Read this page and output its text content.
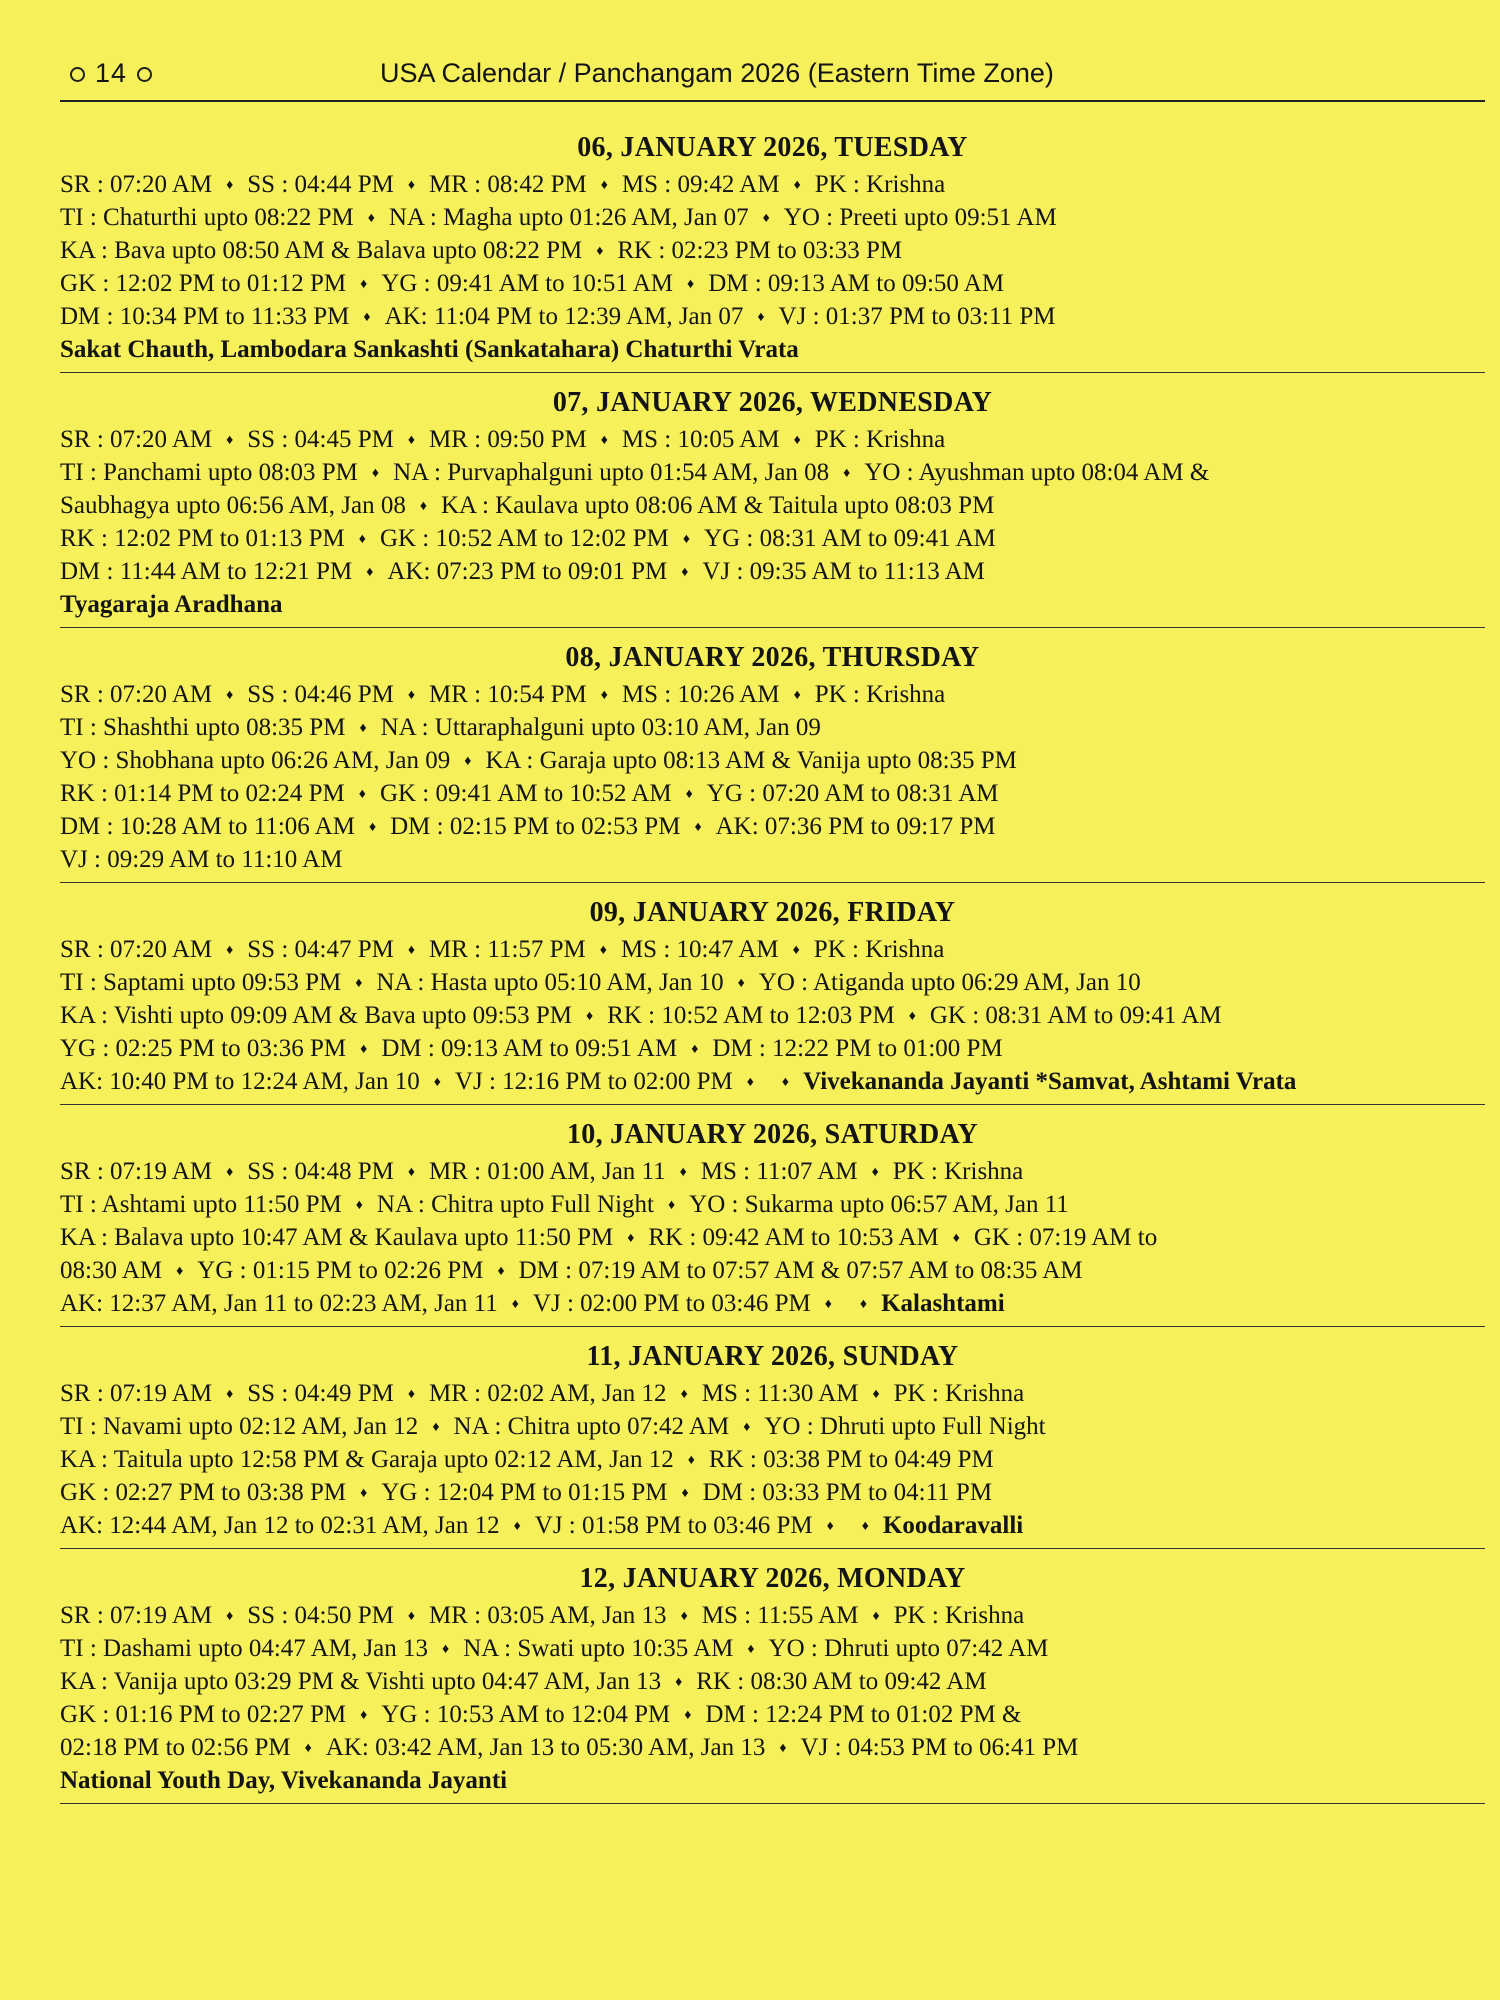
14	USA Calendar / Panchangam 2026 (Eastern Time Zone)
06, JANUARY 2026, TUESDAY
SR : 07:20 AM ♦ SS : 04:44 PM ♦ MR : 08:42 PM ♦ MS : 09:42 AM ♦ PK : Krishna
TI : Chaturthi upto 08:22 PM ♦ NA : Magha upto 01:26 AM, Jan 07 ♦ YO : Preeti upto 09:51 AM
KA : Bava upto 08:50 AM & Balava upto 08:22 PM ♦ RK : 02:23 PM to 03:33 PM
GK : 12:02 PM to 01:12 PM ♦ YG : 09:41 AM to 10:51 AM ♦ DM : 09:13 AM to 09:50 AM
DM : 10:34 PM to 11:33 PM ♦ AK: 11:04 PM to 12:39 AM, Jan 07 ♦ VJ : 01:37 PM to 03:11 PM
Sakat Chauth, Lambodara Sankashti (Sankatahara) Chaturthi Vrata
07, JANUARY 2026, WEDNESDAY
SR : 07:20 AM ♦ SS : 04:45 PM ♦ MR : 09:50 PM ♦ MS : 10:05 AM ♦ PK : Krishna
TI : Panchami upto 08:03 PM ♦ NA : Purvaphalguni upto 01:54 AM, Jan 08 ♦ YO : Ayushman upto 08:04 AM &
Saubhagya upto 06:56 AM, Jan 08 ♦ KA : Kaulava upto 08:06 AM & Taitula upto 08:03 PM
RK : 12:02 PM to 01:13 PM ♦ GK : 10:52 AM to 12:02 PM ♦ YG : 08:31 AM to 09:41 AM
DM : 11:44 AM to 12:21 PM ♦ AK: 07:23 PM to 09:01 PM ♦ VJ : 09:35 AM to 11:13 AM
Tyagaraja Aradhana
08, JANUARY 2026, THURSDAY
SR : 07:20 AM ♦ SS : 04:46 PM ♦ MR : 10:54 PM ♦ MS : 10:26 AM ♦ PK : Krishna
TI : Shashthi upto 08:35 PM ♦ NA : Uttaraphalguni upto 03:10 AM, Jan 09
YO : Shobhana upto 06:26 AM, Jan 09 ♦ KA : Garaja upto 08:13 AM & Vanija upto 08:35 PM
RK : 01:14 PM to 02:24 PM ♦ GK : 09:41 AM to 10:52 AM ♦ YG : 07:20 AM to 08:31 AM
DM : 10:28 AM to 11:06 AM ♦ DM : 02:15 PM to 02:53 PM ♦ AK: 07:36 PM to 09:17 PM
VJ : 09:29 AM to 11:10 AM
09, JANUARY 2026, FRIDAY
SR : 07:20 AM ♦ SS : 04:47 PM ♦ MR : 11:57 PM ♦ MS : 10:47 AM ♦ PK : Krishna
TI : Saptami upto 09:53 PM ♦ NA : Hasta upto 05:10 AM, Jan 10 ♦ YO : Atiganda upto 06:29 AM, Jan 10
KA : Vishti upto 09:09 AM & Bava upto 09:53 PM ♦ RK : 10:52 AM to 12:03 PM ♦ GK : 08:31 AM to 09:41 AM
YG : 02:25 PM to 03:36 PM ♦ DM : 09:13 AM to 09:51 AM ♦ DM : 12:22 PM to 01:00 PM
AK: 10:40 PM to 12:24 AM, Jan 10 ♦ VJ : 12:16 PM to 02:00 PM ♦ ♦ Vivekananda Jayanti *Samvat, Ashtami Vrata
10, JANUARY 2026, SATURDAY
SR : 07:19 AM ♦ SS : 04:48 PM ♦ MR : 01:00 AM, Jan 11 ♦ MS : 11:07 AM ♦ PK : Krishna
TI : Ashtami upto 11:50 PM ♦ NA : Chitra upto Full Night ♦ YO : Sukarma upto 06:57 AM, Jan 11
KA : Balava upto 10:47 AM & Kaulava upto 11:50 PM ♦ RK : 09:42 AM to 10:53 AM ♦ GK : 07:19 AM to
08:30 AM ♦ YG : 01:15 PM to 02:26 PM ♦ DM : 07:19 AM to 07:57 AM & 07:57 AM to 08:35 AM
AK: 12:37 AM, Jan 11 to 02:23 AM, Jan 11 ♦ VJ : 02:00 PM to 03:46 PM ♦ ♦ Kalashtami
11, JANUARY 2026, SUNDAY
SR : 07:19 AM ♦ SS : 04:49 PM ♦ MR : 02:02 AM, Jan 12 ♦ MS : 11:30 AM ♦ PK : Krishna
TI : Navami upto 02:12 AM, Jan 12 ♦ NA : Chitra upto 07:42 AM ♦ YO : Dhruti upto Full Night
KA : Taitula upto 12:58 PM & Garaja upto 02:12 AM, Jan 12 ♦ RK : 03:38 PM to 04:49 PM
GK : 02:27 PM to 03:38 PM ♦ YG : 12:04 PM to 01:15 PM ♦ DM : 03:33 PM to 04:11 PM
AK: 12:44 AM, Jan 12 to 02:31 AM, Jan 12 ♦ VJ : 01:58 PM to 03:46 PM ♦ ♦ Koodaravalli
12, JANUARY 2026, MONDAY
SR : 07:19 AM ♦ SS : 04:50 PM ♦ MR : 03:05 AM, Jan 13 ♦ MS : 11:55 AM ♦ PK : Krishna
TI : Dashami upto 04:47 AM, Jan 13 ♦ NA : Swati upto 10:35 AM ♦ YO : Dhruti upto 07:42 AM
KA : Vanija upto 03:29 PM & Vishti upto 04:47 AM, Jan 13 ♦ RK : 08:30 AM to 09:42 AM
GK : 01:16 PM to 02:27 PM ♦ YG : 10:53 AM to 12:04 PM ♦ DM : 12:24 PM to 01:02 PM &
02:18 PM to 02:56 PM ♦ AK: 03:42 AM, Jan 13 to 05:30 AM, Jan 13 ♦ VJ : 04:53 PM to 06:41 PM
National Youth Day, Vivekananda Jayanti
